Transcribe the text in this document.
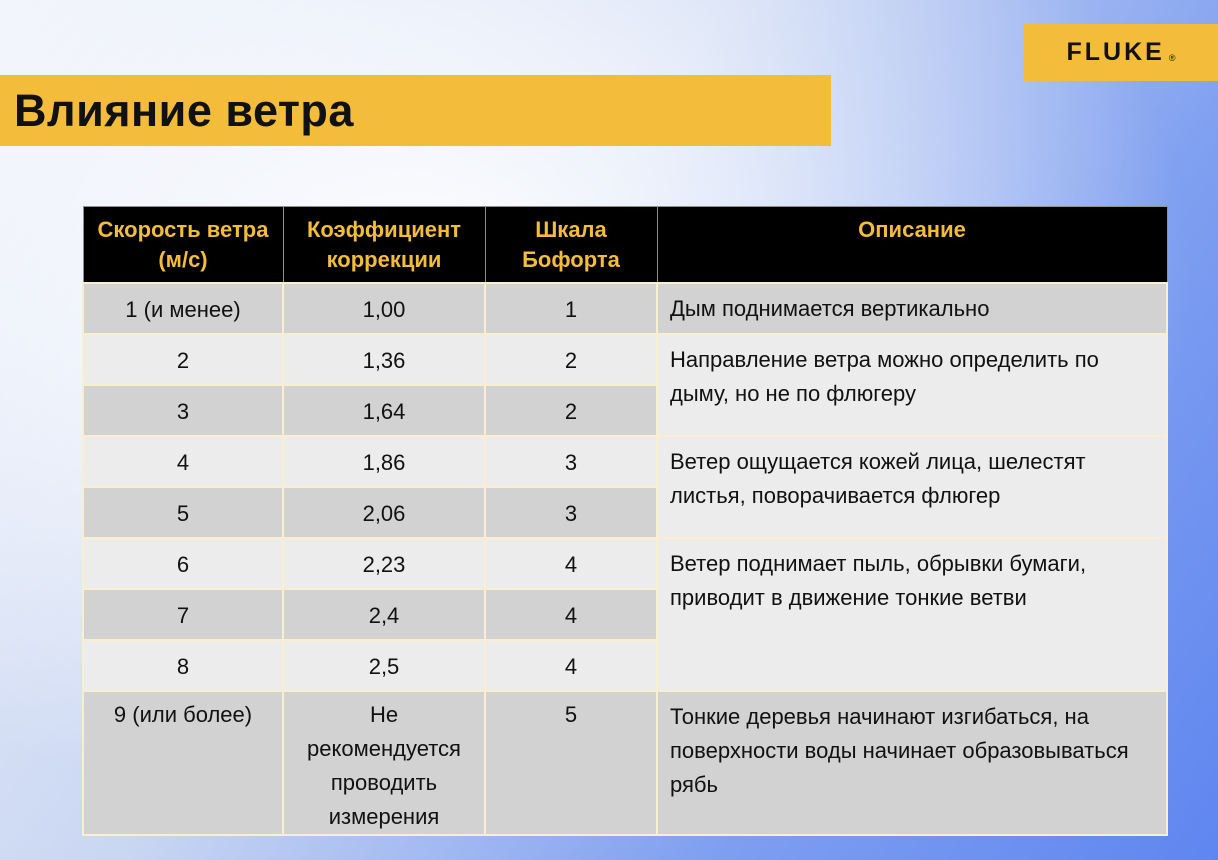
Влияние ветра
FLUKE ®
Скорость ветра (м/с)	Коэффициент коррекции	Шкала Бофорта	Описание
1 (и менее)	1,00	1	Дым поднимается вертикально
2	1,36	2	Направление ветра можно определить по дыму, но не по флюгеру
3	1,64	2	
4	1,86	3	Ветер ощущается кожей лица, шелестят листья, поворачивается флюгер
5	2,06	3	
6	2,23	4	Ветер поднимает пыль, обрывки бумаги, приводит в движение тонкие ветви
7	2,4	4	
8	2,5	4	
9 (или более)	Не рекомендуется проводить измерения	5	Тонкие деревья начинают изгибаться, на поверхности воды начинает образовываться рябь
